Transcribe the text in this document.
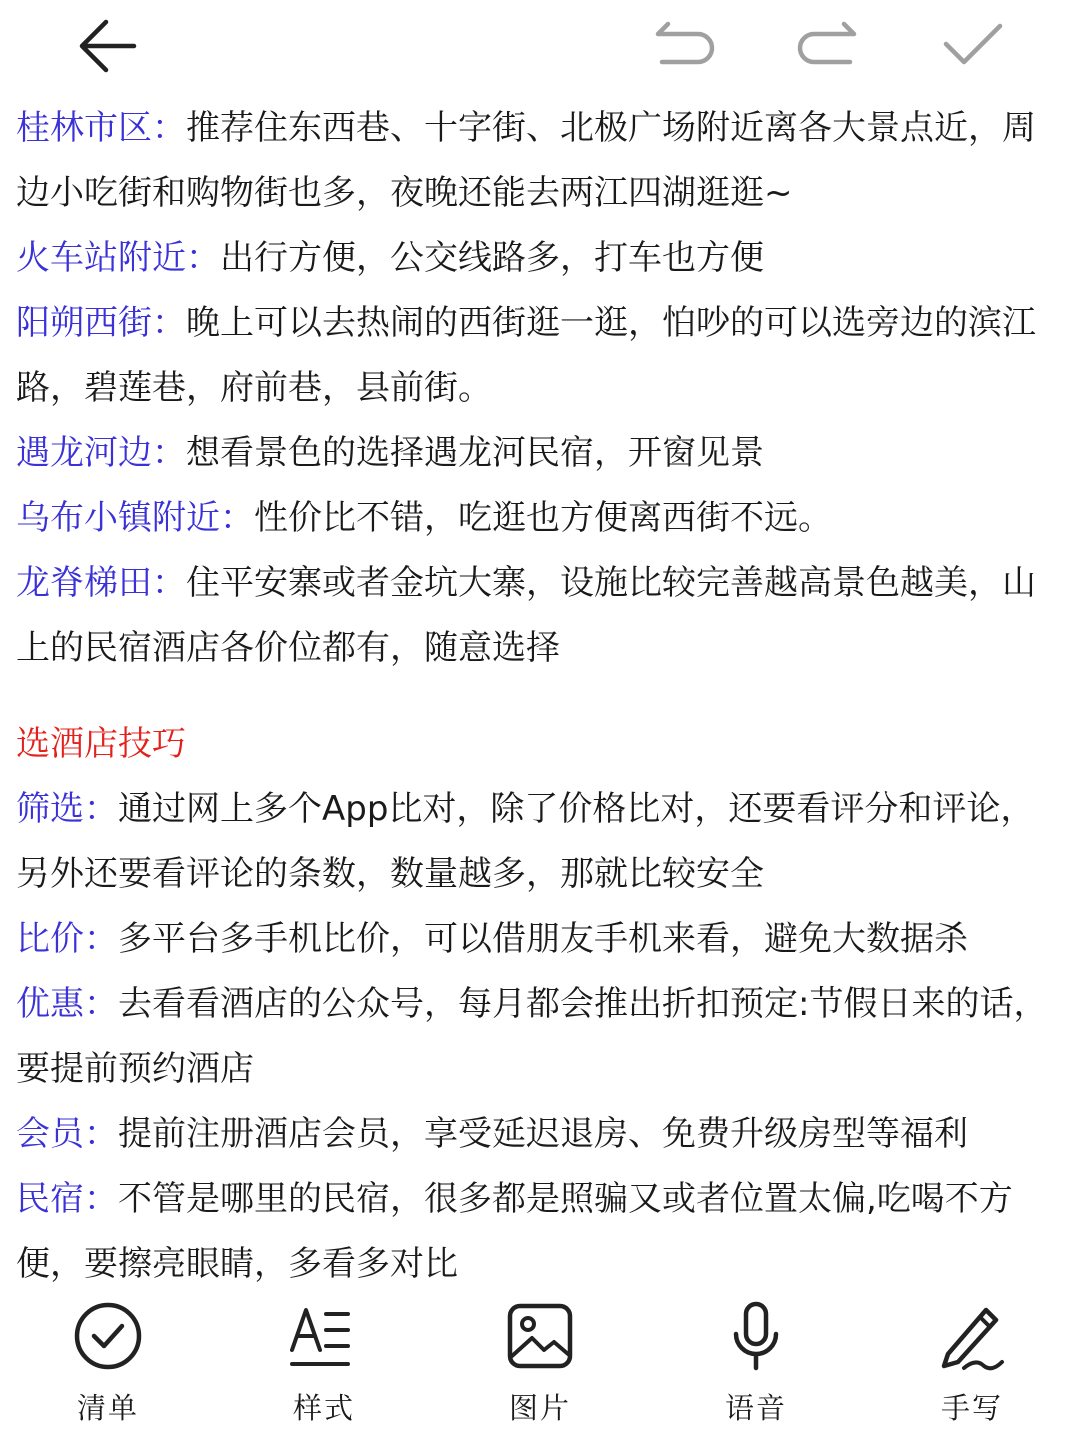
桂林市区：推荐住东西巷、十字街、北极广场附近离各大景点近，周边小吃街和购物街也多，夜晚还能去两江四湖逛逛~

火车站附近：出行方便，公交线路多，打车也方便

阳朔西街：晚上可以去热闹的西街逛一逛，怕吵的可以选旁边的滨江路，碧莲巷，府前巷，县前街。

遇龙河边：想看景色的选择遇龙河民宿，开窗见景

乌布小镇附近：性价比不错，吃逛也方便离西街不远。

龙脊梯田：住平安寨或者金坑大寨，设施比较完善越高景色越美，山上的民宿酒店各价位都有，随意选择

选酒店技巧

筛选：通过网上多个App比对，除了价格比对，还要看评分和评论，另外还要看评论的条数，数量越多，那就比较安全

比价：多平台多手机比价，可以借朋友手机来看，避免大数据杀

优惠：去看看酒店的公众号，每月都会推出折扣预定:节假日来的话，要提前预约酒店

会员：提前注册酒店会员，享受延迟退房、免费升级房型等福利

民宿：不管是哪里的民宿，很多都是照骗又或者位置太偏,吃喝不方便，要擦亮眼睛，多看多对比

清单	样式	图片	语音	手写
